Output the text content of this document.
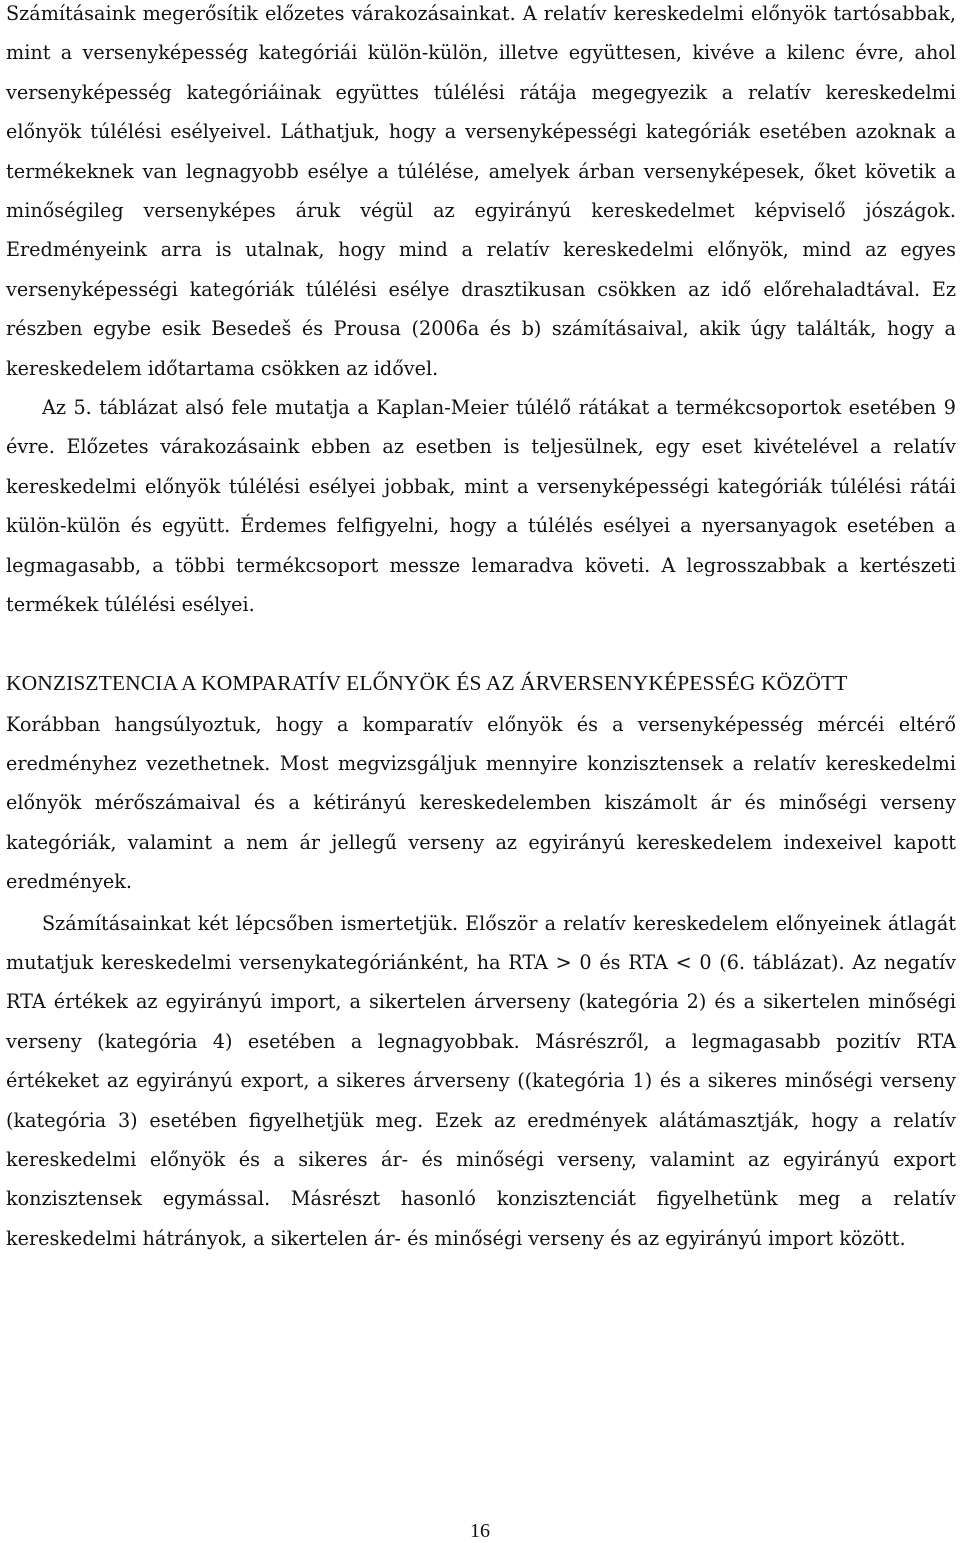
Számításaink megerősítik előzetes várakozásainkat. A relatív kereskedelmi előnyök tartósabbak, mint a versenyképesség kategóriái külön-külön, illetve együttesen, kivéve a kilenc évre, ahol versenyképesség kategóriáinak együttes túlélési rátája megegyezik a relatív kereskedelmi előnyök túlélési esélyeivel. Láthatjuk, hogy a versenyképességi kategóriák esetében azoknak a termékeknek van legnagyobb esélye a túlélése, amelyek árban versenyképesek, őket követik a minőségileg versenyképes áruk végül az egyirányú kereskedelmet képviselő jószágok. Eredményeink arra is utalnak, hogy mind a relatív kereskedelmi előnyök, mind az egyes versenyképességi kategóriák túlélési esélye drasztikusan csökken az idő előrehaladtával. Ez részben egybe esik Besedeš és Prousa (2006a és b) számításaival, akik úgy találták, hogy a kereskedelem időtartama csökken az idővel.

Az 5. táblázat alsó fele mutatja a Kaplan-Meier túlélő rátákat a termékcsoportok esetében 9 évre. Előzetes várakozásaink ebben az esetben is teljesülnek, egy eset kivételével a relatív kereskedelmi előnyök túlélési esélyei jobbak, mint a versenyképességi kategóriák túlélési rátái külön-külön és együtt. Érdemes felfigyelni, hogy a túlélés esélyei a nyersanyagok esetében a legmagasabb, a többi termékcsoport messze lemaradva követi. A legrosszabbak a kertészeti termékek túlélési esélyei.

KONZISZTENCIA A KOMPARATÍV ELŐNYÖK ÉS AZ ÁRVERSENYKÉPESSÉG KÖZÖTT

Korábban hangsúlyoztuk, hogy a komparatív előnyök és a versenyképesség mércéi eltérő eredményhez vezethetnek. Most megvizsgáljuk mennyire konzisztensek a relatív kereskedelmi előnyök mérőszámaival és a kétirányú kereskedelemben kiszámolt ár és minőségi verseny kategóriák, valamint a nem ár jellegű verseny az egyirányú kereskedelem indexeivel kapott eredmények.

Számításainkat két lépcsőben ismertetjük. Először a relatív kereskedelem előnyeinek átlagát mutatjuk kereskedelmi versenykategóriánként, ha RTA > 0 és RTA < 0 (6. táblázat). Az negatív RTA értékek az egyirányú import, a sikertelen árverseny (kategória 2) és a sikertelen minőségi verseny (kategória 4) esetében a legnagyobbak. Másrészről, a legmagasabb pozitív RTA értékeket az egyirányú export, a sikeres árverseny ((kategória 1) és a sikeres minőségi verseny (kategória 3) esetében figyelhetjük meg. Ezek az eredmények alátámasztják, hogy a relatív kereskedelmi előnyök és a sikeres ár- és minőségi verseny, valamint az egyirányú export konzisztensek egymással. Másrészt hasonló konzisztenciát figyelhetünk meg a relatív kereskedelmi hátrányok, a sikertelen ár- és minőségi verseny és az egyirányú import között.

16
